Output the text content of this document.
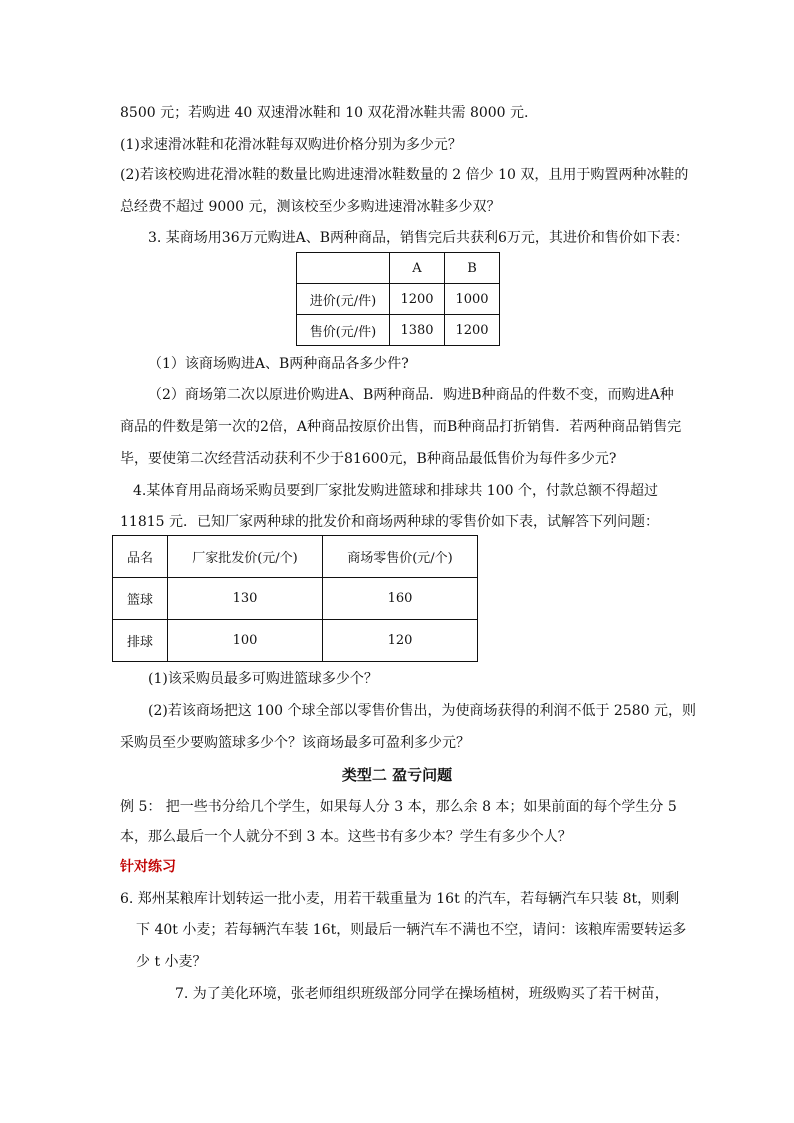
8500 元；若购进 40 双速滑冰鞋和 10 双花滑冰鞋共需 8000 元.
(1)求速滑冰鞋和花滑冰鞋每双购进价格分别为多少元？
(2)若该校购进花滑冰鞋的数量比购进速滑冰鞋数量的 2 倍少 10 双，且用于购置两种冰鞋的
总经费不超过 9000 元，测该校至少多购进速滑冰鞋多少双？
3. 某商场用36万元购进A、B两种商品，销售完后共获利6万元，其进价和售价如下表：
	A	B
进价(元/件)	1200	1000
售价(元/件)	1380	1200
（1）该商场购进A、B两种商品各多少件?
（2）商场第二次以原进价购进A、B两种商品．购进B种商品的件数不变，而购进A种
商品的件数是第一次的2倍，A种商品按原价出售，而B种商品打折销售．若两种商品销售完
毕，要使第二次经营活动获利不少于81600元，B种商品最低售价为每件多少元?
4.某体育用品商场采购员要到厂家批发购进篮球和排球共 100 个，付款总额不得超过
11815 元．已知厂家两种球的批发价和商场两种球的零售价如下表，试解答下列问题：
品名	厂家批发价(元/个)	商场零售价(元/个)
篮球	130	160
排球	100	120
(1)该采购员最多可购进篮球多少个？
(2)若该商场把这 100 个球全部以零售价售出，为使商场获得的利润不低于 2580 元，则
采购员至少要购篮球多少个？该商场最多可盈利多少元？
类型二 盈亏问题
例 5： 把一些书分给几个学生，如果每人分 3 本，那么余 8 本；如果前面的每个学生分 5
本，那么最后一个人就分不到 3 本。这些书有多少本？学生有多少个人？
针对练习
6. 郑州某粮库计划转运一批小麦，用若干载重量为 16t 的汽车，若每辆汽车只装 8t，则剩
下 40t 小麦；若每辆汽车装 16t，则最后一辆汽车不满也不空，请问：该粮库需要转运多
少 t 小麦？
7. 为了美化环境，张老师组织班级部分同学在操场植树，班级购买了若干树苗，
